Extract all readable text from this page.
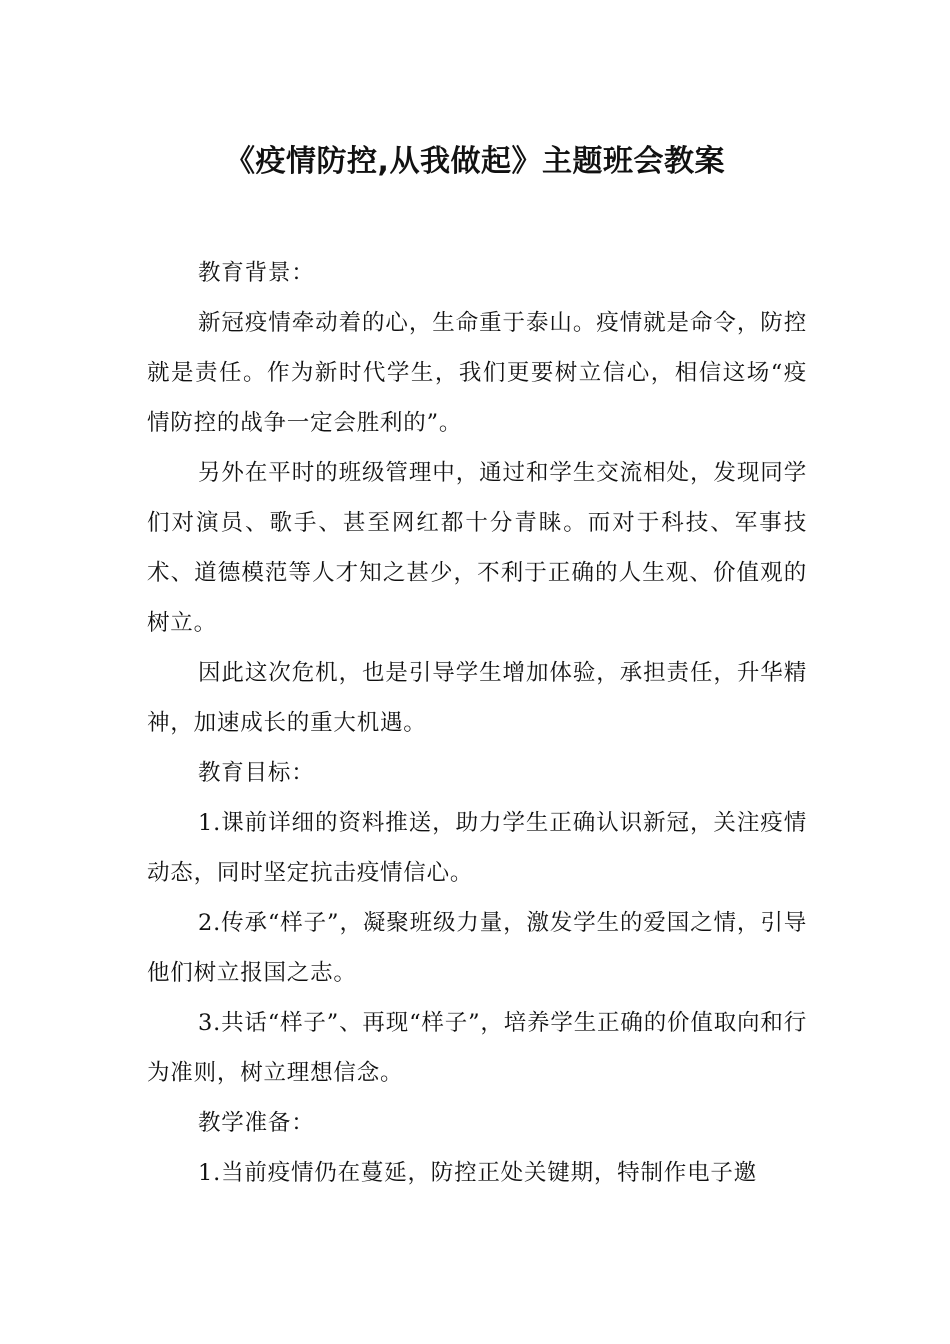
《疫情防控,从我做起》主题班会教案

教育背景：

新冠疫情牵动着的心，生命重于泰山。疫情就是命令，防控就是责任。作为新时代学生，我们更要树立信心，相信这场“疫情防控的战争一定会胜利的”。

另外在平时的班级管理中，通过和学生交流相处，发现同学们对演员、歌手、甚至网红都十分青睐。而对于科技、军事技术、道德模范等人才知之甚少，不利于正确的人生观、价值观的树立。

因此这次危机，也是引导学生增加体验，承担责任，升华精神，加速成长的重大机遇。

教育目标：

1.课前详细的资料推送，助力学生正确认识新冠，关注疫情动态，同时坚定抗击疫情信心。

2.传承“样子”，凝聚班级力量，激发学生的爱国之情，引导他们树立报国之志。

3.共话“样子”、再现“样子”，培养学生正确的价值取向和行为准则，树立理想信念。

教学准备：

1.当前疫情仍在蔓延，防控正处关键期，特制作电子邀
